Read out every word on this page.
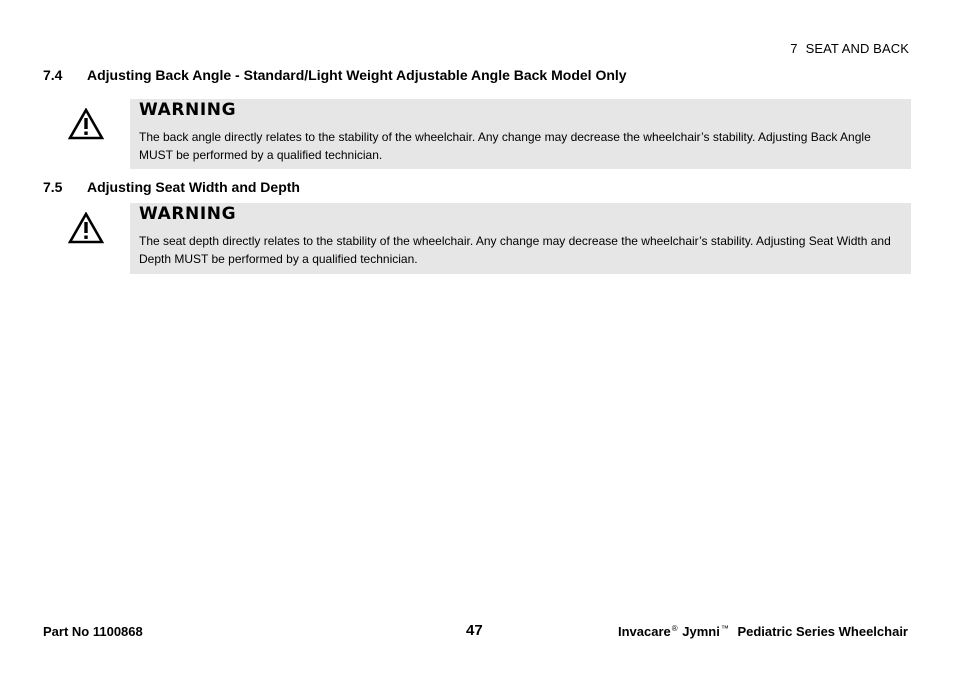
7 SEAT AND BACK
7.4 Adjusting Back Angle - Standard/Light Weight Adjustable Angle Back Model Only
WARNING
The back angle directly relates to the stability of the wheelchair. Any change may decrease the wheelchair’s stability. Adjusting Back Angle MUST be performed by a qualified technician.
7.5 Adjusting Seat Width and Depth
WARNING
The seat depth directly relates to the stability of the wheelchair. Any change may decrease the wheelchair’s stability. Adjusting Seat Width and Depth MUST be performed by a qualified technician.
Part No 1100868	47	Invacare® Jymni™ Pediatric Series Wheelchair
